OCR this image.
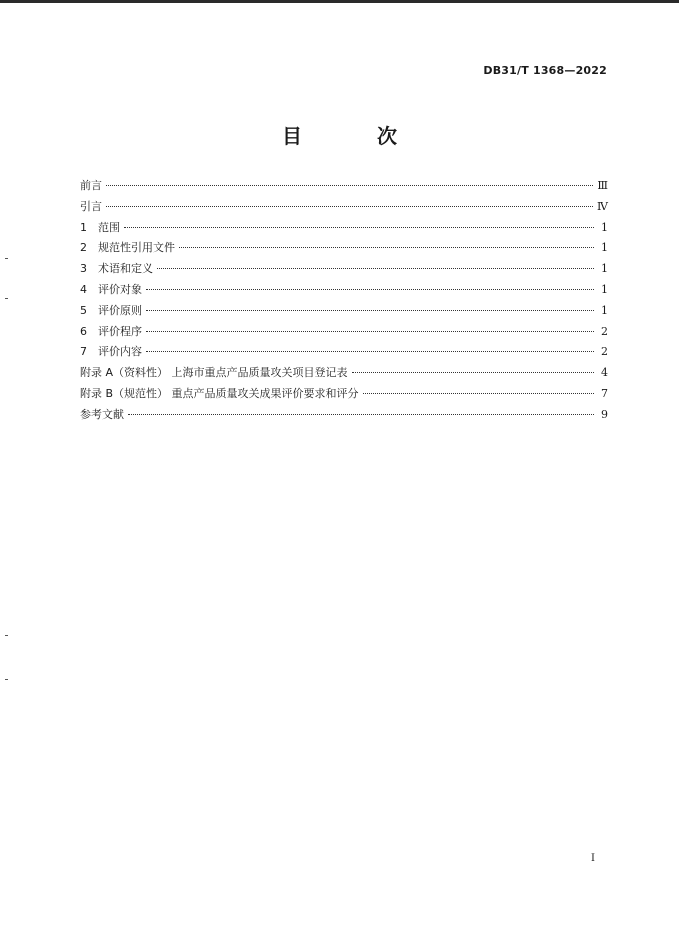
DB31/T 1368—2022
目 次
前言	Ⅲ
引言	Ⅳ
1	范围	1
2	规范性引用文件	1
3	术语和定义	1
4	评价对象	1
5	评价原则	1
6	评价程序	2
7	评价内容	2
附录 A（资料性） 上海市重点产品质量攻关项目登记表	4
附录 B（规范性） 重点产品质量攻关成果评价要求和评分	7
参考文献	9
I
